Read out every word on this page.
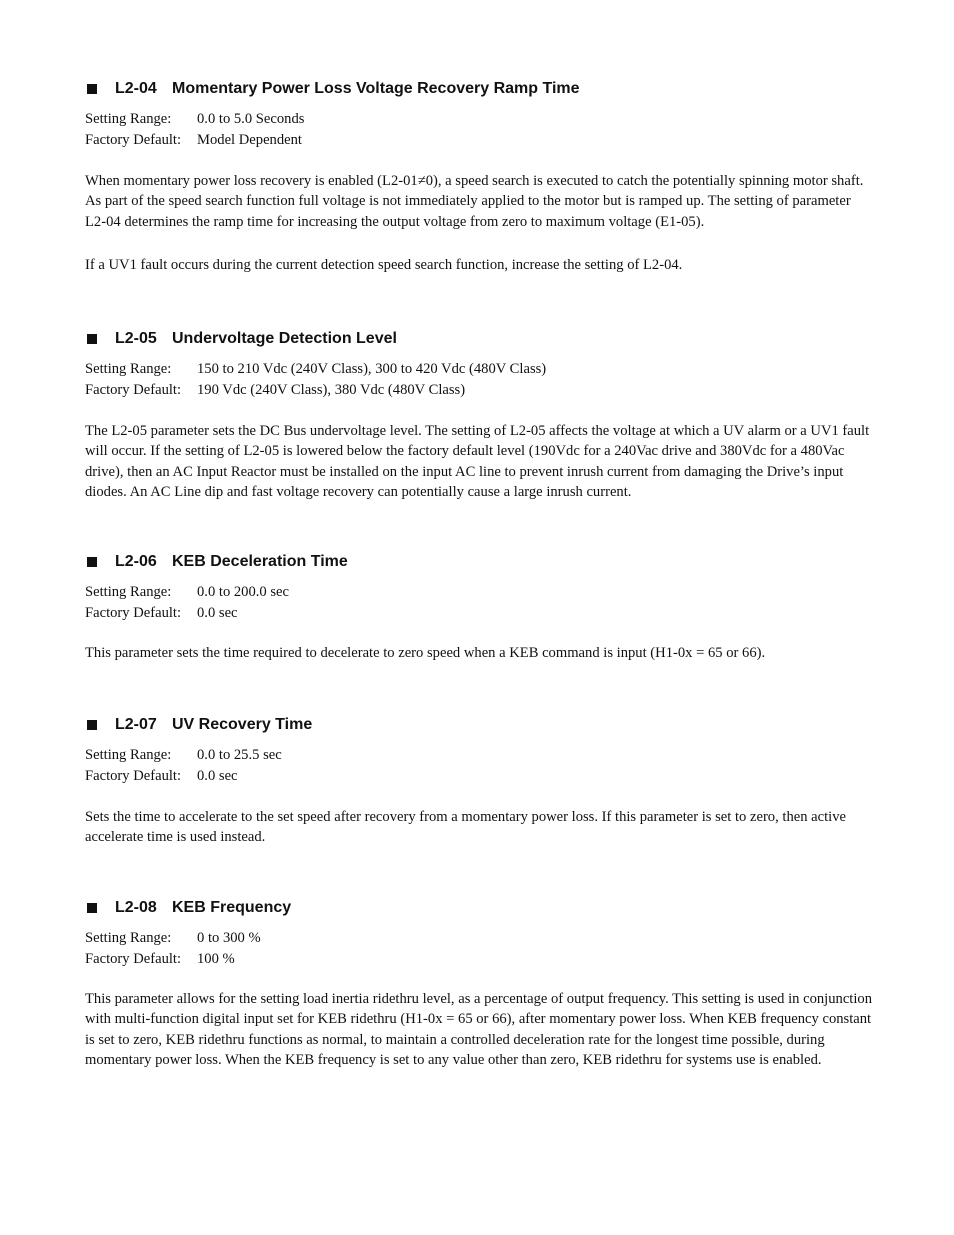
L2-04 Momentary Power Loss Voltage Recovery Ramp Time
Setting Range:	0.0 to 5.0 Seconds
Factory Default:	Model Dependent

When momentary power loss recovery is enabled (L2-01≠0), a speed search is executed to catch the potentially spinning motor shaft. As part of the speed search function full voltage is not immediately applied to the motor but is ramped up. The setting of parameter L2-04 determines the ramp time for increasing the output voltage from zero to maximum voltage (E1-05).

If a UV1 fault occurs during the current detection speed search function, increase the setting of L2-04.

L2-05 Undervoltage Detection Level
Setting Range:	150 to 210 Vdc (240V Class), 300 to 420 Vdc (480V Class)
Factory Default:	190 Vdc (240V Class), 380 Vdc (480V Class)

The L2-05 parameter sets the DC Bus undervoltage level. The setting of L2-05 affects the voltage at which a UV alarm or a UV1 fault will occur. If the setting of L2-05 is lowered below the factory default level (190Vdc for a 240Vac drive and 380Vdc for a 480Vac drive), then an AC Input Reactor must be installed on the input AC line to prevent inrush current from damaging the Drive’s input diodes. An AC Line dip and fast voltage recovery can potentially cause a large inrush current.

L2-06 KEB Deceleration Time
Setting Range:	0.0 to 200.0 sec
Factory Default:	0.0 sec

This parameter sets the time required to decelerate to zero speed when a KEB command is input (H1-0x = 65 or 66).

L2-07 UV Recovery Time
Setting Range:	0.0 to 25.5 sec
Factory Default:	0.0 sec

Sets the time to accelerate to the set speed after recovery from a momentary power loss. If this parameter is set to zero, then active accelerate time is used instead.

L2-08 KEB Frequency
Setting Range:	0 to 300 %
Factory Default:	100 %

This parameter allows for the setting load inertia ridethru level, as a percentage of output frequency. This setting is used in conjunction with multi-function digital input set for KEB ridethru (H1-0x = 65 or 66), after momentary power loss. When KEB frequency constant is set to zero, KEB ridethru functions as normal, to maintain a controlled deceleration rate for the longest time possible, during momentary power loss. When the KEB frequency is set to any value other than zero, KEB ridethru for systems use is enabled.
